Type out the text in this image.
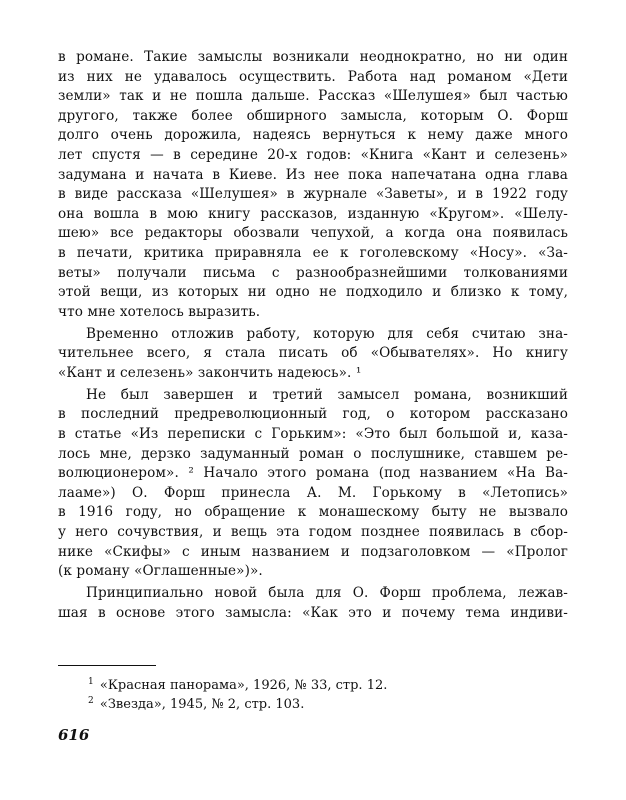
в романе. Такие замыслы возникали неоднократно, но ни один
из них не удавалось осуществить. Работа над романом «Дети
земли» так и не пошла дальше. Рассказ «Шелушея» был частью
другого, также более обширного замысла, которым О. Форш
долго очень дорожила, надеясь вернуться к нему даже много
лет спустя — в середине 20-х годов: «Книга «Кант и селезень»
задумана и начата в Киеве. Из нее пока напечатана одна глава
в виде рассказа «Шелушея» в журнале «Заветы», и в 1922 году
она вошла в мою книгу рассказов, изданную «Кругом». «Шелу-
шею» все редакторы обозвали чепухой, а когда она появилась
в печати, критика приравняла ее к гоголевскому «Носу». «За-
веты» получали письма с разнообразнейшими толкованиями
этой вещи, из которых ни одно не подходило и близко к тому,
что мне хотелось выразить.

Временно отложив работу, которую для себя считаю зна-
чительнее всего, я стала писать об «Обывателях». Но книгу
«Кант и селезень» закончить надеюсь». ¹

Не был завершен и третий замысел романа, возникший
в последний предреволюционный год, о котором рассказано
в статье «Из переписки с Горьким»: «Это был большой и, каза-
лось мне, дерзко задуманный роман о послушнике, ставшем ре-
волюционером». ² Начало этого романа (под названием «На Ва-
лааме») О. Форш принесла А. М. Горькому в «Летопись»
в 1916 году, но обращение к монашескому быту не вызвало
у него сочувствия, и вещь эта годом позднее появилась в сбор-
нике «Скифы» с иным названием и подзаголовком — «Пролог
(к роману «Оглашенные»)».

Принципиально новой была для О. Форш проблема, лежав-
шая в основе этого замысла: «Как это и почему тема индиви-

$^1$ «Красная панорама», 1926, № 33, стр. 12.
$^2$ «Звезда», 1945, № 2, стр. 103.
616
